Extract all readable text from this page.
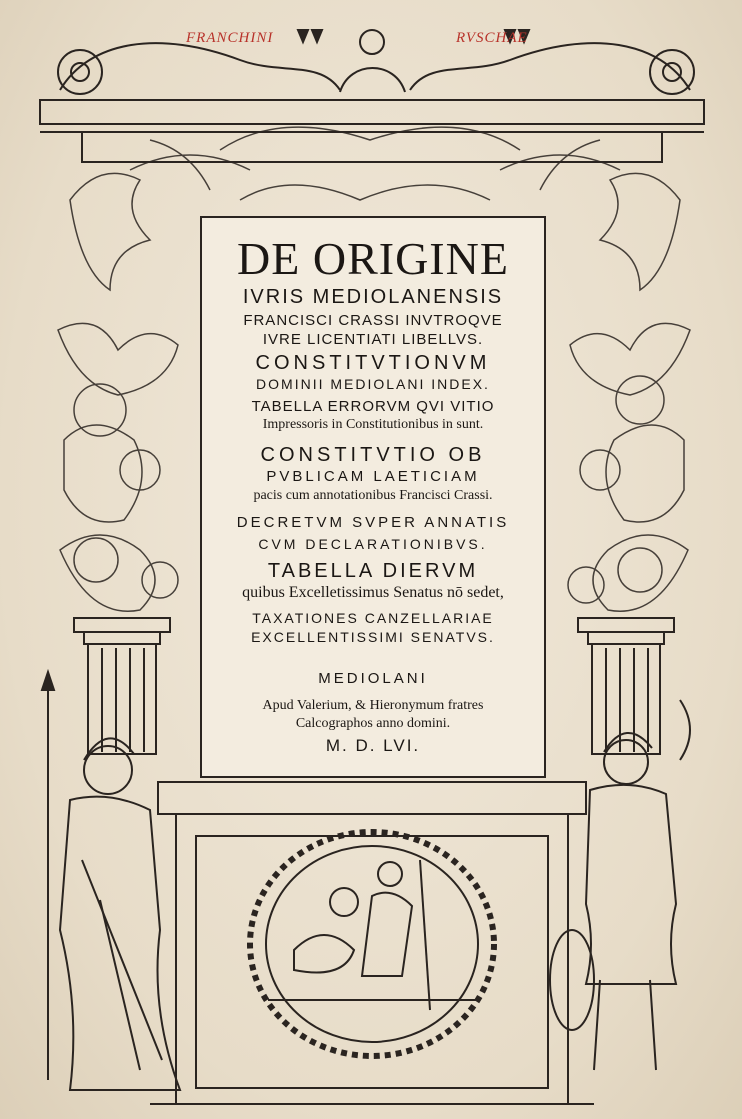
FRANCHINI	RVSCHAE
DE ORIGINE
IVRIS MEDIOLANENSIS
FRANCISCI CRASSI INVTROQVE
IVRE LICENTIATI LIBELLVS.
CONSTITVTIONVM
DOMINII MEDIOLANI INDEX.
TABELLA ERRORVM QVI VITIO
Impressoris in Constitutionibus in sunt.
CONSTITVTIO OB
PVBLICAM LAETICIAM
pacis cum annotationibus Francisci Crassi.
DECRETVM SVPER ANNATIS
CVM DECLARATIONIBVS.
TABELLA DIERVM
quibus Excelletissimus Senatus nō sedet,
TAXATIONES CANZELLARIAE
EXCELLENTISSIMI SENATVS.
MEDIOLANI
Apud Valerium, & Hieronymum fratres
Calcographos anno domini.
M. D. LVI.
